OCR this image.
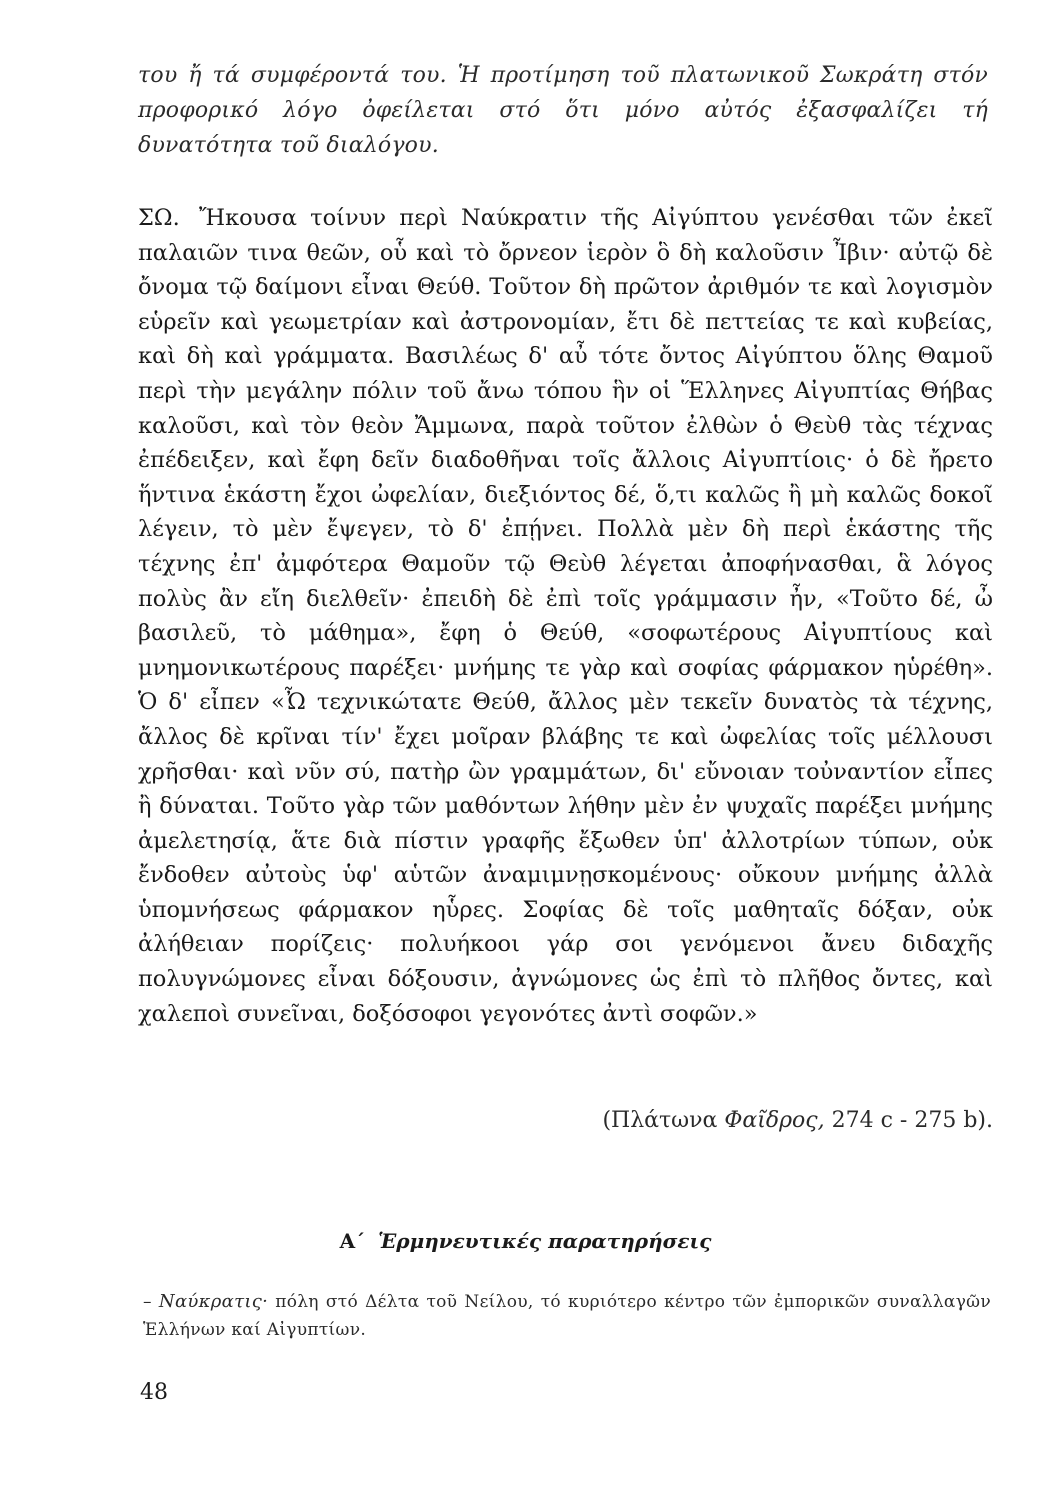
του ἤ τά συμφέροντά του. Ἡ προτίμηση τοῦ πλατωνικοῦ Σωκράτη στόν προφορικό λόγο ὀφείλεται στό ὅτι μόνο αὐτός ἐξασφαλίζει τή δυνατότητα τοῦ διαλόγου.

ΣΩ. Ἤκουσα τοίνυν περὶ Ναύκρατιν τῆς Αἰγύπτου γενέσθαι τῶν ἐκεῖ παλαιῶν τινα θεῶν, οὗ καὶ τὸ ὄρνεον ἱερὸν ὃ δὴ καλοῦσιν Ἶβιν· αὐτῷ δὲ ὄνομα τῷ δαίμονι εἶναι Θεύθ. Τοῦτον δὴ πρῶτον ἀριθμόν τε καὶ λογισμὸν εὑρεῖν καὶ γεωμετρίαν καὶ ἀστρονομίαν, ἔτι δὲ πεττείας τε καὶ κυβείας, καὶ δὴ καὶ γράμματα. Βασιλέως δ' αὖ τότε ὄντος Αἰγύπτου ὅλης Θαμοῦ περὶ τὴν μεγάλην πόλιν τοῦ ἄνω τόπου ἣν οἱ Ἕλληνες Αἰγυπτίας Θήβας καλοῦσι, καὶ τὸν θεὸν Ἄμμωνα, παρὰ τοῦτον ἐλθὼν ὁ Θεὺθ τὰς τέχνας ἐπέδειξεν, καὶ ἔφη δεῖν διαδοθῆναι τοῖς ἄλλοις Αἰγυπτίοις· ὁ δὲ ἤρετο ἥντινα ἑκάστη ἔχοι ὠφελίαν, διεξιόντος δέ, ὅ,τι καλῶς ἢ μὴ καλῶς δοκοῖ λέγειν, τὸ μὲν ἔψεγεν, τὸ δ' ἐπῄνει. Πολλὰ μὲν δὴ περὶ ἑκάστης τῆς τέχνης ἐπ' ἀμφότερα Θαμοῦν τῷ Θεὺθ λέγεται ἀποφήνασθαι, ἃ λόγος πολὺς ἂν εἴη διελθεῖν· ἐπειδὴ δὲ ἐπὶ τοῖς γράμμασιν ἦν, «Τοῦτο δέ, ὦ βασιλεῦ, τὸ μάθημα», ἔφη ὁ Θεύθ, «σοφωτέρους Αἰγυπτίους καὶ μνημονικωτέρους παρέξει· μνήμης τε γὰρ καὶ σοφίας φάρμακον ηὑρέθη». Ὁ δ' εἶπεν «Ὦ τεχνικώτατε Θεύθ, ἄλλος μὲν τεκεῖν δυνατὸς τὰ τέχνης, ἄλλος δὲ κρῖναι τίν' ἔχει μοῖραν βλάβης τε καὶ ὠφελίας τοῖς μέλλουσι χρῆσθαι· καὶ νῦν σύ, πατὴρ ὢν γραμμάτων, δι' εὔνοιαν τοὐναντίον εἶπες ἢ δύναται. Τοῦτο γὰρ τῶν μαθόντων λήθην μὲν ἐν ψυχαῖς παρέξει μνήμης ἀμελετησίᾳ, ἅτε διὰ πίστιν γραφῆς ἔξωθεν ὑπ' ἀλλοτρίων τύπων, οὐκ ἔνδοθεν αὐτοὺς ὑφ' αὑτῶν ἀναμιμνῃσκομένους· οὔκουν μνήμης ἀλλὰ ὑπομνήσεως φάρμακον ηὗρες. Σοφίας δὲ τοῖς μαθηταῖς δόξαν, οὐκ ἀλήθειαν πορίζεις· πολυήκοοι γάρ σοι γενόμενοι ἄνευ διδαχῆς πολυγνώμονες εἶναι δόξουσιν, ἀγνώμονες ὡς ἐπὶ τὸ πλῆθος ὄντες, καὶ χαλεποὶ συνεῖναι, δοξόσοφοι γεγονότες ἀντὶ σοφῶν.»

(Πλάτωνα Φαῖδρος, 274 c - 275 b).
Α΄ Ἑρμηνευτικές παρατηρήσεις

– Ναύκρατις· πόλη στό Δέλτα τοῦ Νείλου, τό κυριότερο κέντρο τῶν ἐμπορικῶν συναλλαγῶν Ἑλλήνων καί Αἰγυπτίων.

48
